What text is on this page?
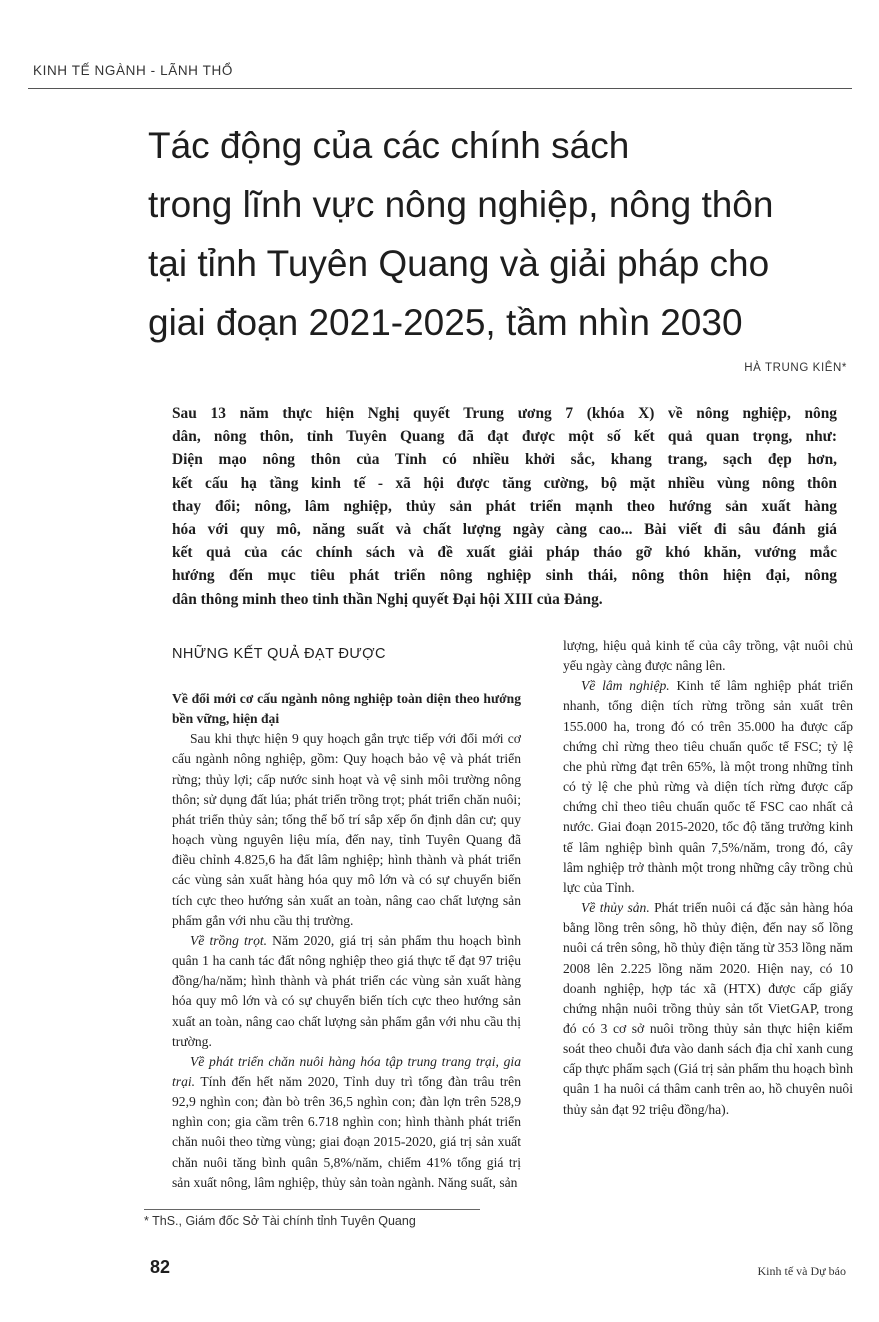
KINH TẾ NGÀNH - LÃNH THỔ
Tác động của các chính sách
trong lĩnh vực nông nghiệp, nông thôn
tại tỉnh Tuyên Quang và giải pháp cho
giai đoạn 2021-2025, tầm nhìn 2030
HÀ TRUNG KIÊN*
Sau 13 năm thực hiện Nghị quyết Trung ương 7 (khóa X) về nông nghiệp, nông
dân, nông thôn, tỉnh Tuyên Quang đã đạt được một số kết quả quan trọng, như:
Diện mạo nông thôn của Tỉnh có nhiều khởi sắc, khang trang, sạch đẹp hơn,
kết cấu hạ tầng kinh tế - xã hội được tăng cường, bộ mặt nhiều vùng nông thôn
thay đổi; nông, lâm nghiệp, thủy sản phát triển mạnh theo hướng sản xuất hàng
hóa với quy mô, năng suất và chất lượng ngày càng cao... Bài viết đi sâu đánh giá
kết quả của các chính sách và đề xuất giải pháp tháo gỡ khó khăn, vướng mắc
hướng đến mục tiêu phát triển nông nghiệp sinh thái, nông thôn hiện đại, nông
dân thông minh theo tinh thần Nghị quyết Đại hội XIII của Đảng.
NHỮNG KẾT QUẢ ĐẠT ĐƯỢC

Về đổi mới cơ cấu ngành nông nghiệp toàn diện theo hướng bền vững, hiện đại

Sau khi thực hiện 9 quy hoạch gắn trực tiếp với đổi mới cơ cấu ngành nông nghiệp, gồm: Quy hoạch bảo vệ và phát triển rừng; thủy lợi; cấp nước sinh hoạt và vệ sinh môi trường nông thôn; sử dụng đất lúa; phát triển trồng trọt; phát triển chăn nuôi; phát triển thủy sản; tổng thể bố trí sắp xếp ổn định dân cư; quy hoạch vùng nguyên liệu mía, đến nay, tỉnh Tuyên Quang đã điều chỉnh 4.825,6 ha đất lâm nghiệp; hình thành và phát triển các vùng sản xuất hàng hóa quy mô lớn và có sự chuyển biến tích cực theo hướng sản xuất an toàn, nâng cao chất lượng sản phẩm gắn với nhu cầu thị trường.

Về trồng trọt. Năm 2020, giá trị sản phẩm thu hoạch bình quân 1 ha canh tác đất nông nghiệp theo giá thực tế đạt 97 triệu đồng/ha/năm; hình thành và phát triển các vùng sản xuất hàng hóa quy mô lớn và có sự chuyển biến tích cực theo hướng sản xuất an toàn, nâng cao chất lượng sản phẩm gắn với nhu cầu thị trường.

Về phát triển chăn nuôi hàng hóa tập trung trang trại, gia trại. Tính đến hết năm 2020, Tỉnh duy trì tổng đàn trâu trên 92,9 nghìn con; đàn bò trên 36,5 nghìn con; đàn lợn trên 528,9 nghìn con; gia cầm trên 6.718 nghìn con; hình thành phát triển chăn nuôi theo từng vùng; giai đoạn 2015-2020, giá trị sản xuất chăn nuôi tăng bình quân 5,8%/năm, chiếm 41% tổng giá trị sản xuất nông, lâm nghiệp, thủy sản toàn ngành. Năng suất, sản

lượng, hiệu quả kinh tế của cây trồng, vật nuôi chủ yếu ngày càng được nâng lên.

Về lâm nghiệp. Kinh tế lâm nghiệp phát triển nhanh, tổng diện tích rừng trồng sản xuất trên 155.000 ha, trong đó có trên 35.000 ha được cấp chứng chỉ rừng theo tiêu chuẩn quốc tế FSC; tỷ lệ che phủ rừng đạt trên 65%, là một trong những tỉnh có tỷ lệ che phủ rừng và diện tích rừng được cấp chứng chỉ theo tiêu chuẩn quốc tế FSC cao nhất cả nước. Giai đoạn 2015-2020, tốc độ tăng trưởng kinh tế lâm nghiệp bình quân 7,5%/năm, trong đó, cây lâm nghiệp trở thành một trong những cây trồng chủ lực của Tỉnh.

Về thủy sản. Phát triển nuôi cá đặc sản hàng hóa bằng lồng trên sông, hồ thủy điện, đến nay số lồng nuôi cá trên sông, hồ thủy điện tăng từ 353 lồng năm 2008 lên 2.225 lồng năm 2020. Hiện nay, có 10 doanh nghiệp, hợp tác xã (HTX) được cấp giấy chứng nhận nuôi trồng thủy sản tốt VietGAP, trong đó có 3 cơ sở nuôi trồng thủy sản thực hiện kiểm soát theo chuỗi đưa vào danh sách địa chỉ xanh cung cấp thực phẩm sạch (Giá trị sản phẩm thu hoạch bình quân 1 ha nuôi cá thâm canh trên ao, hồ chuyên nuôi thủy sản đạt 92 triệu đồng/ha).

* ThS., Giám đốc Sở Tài chính tỉnh Tuyên Quang
82	Kinh tế và Dự báo
